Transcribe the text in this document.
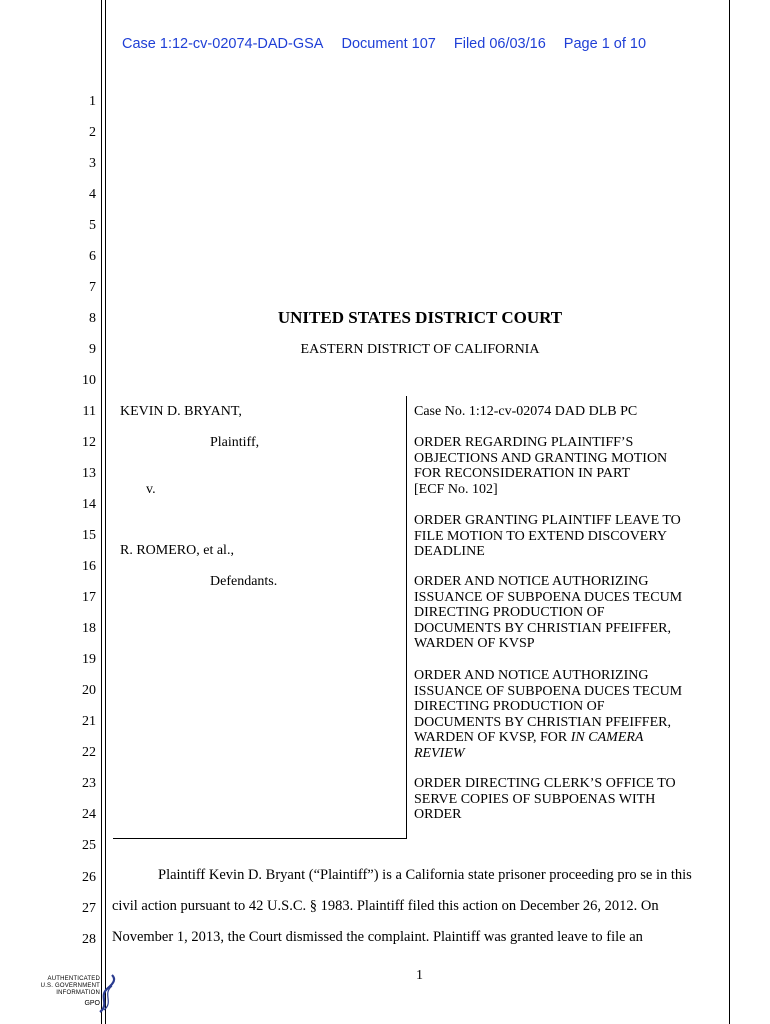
Case 1:12-cv-02074-DAD-GSA Document 107 Filed 06/03/16 Page 1 of 10
1
2
3
4
5
6
7
8
9
10
11
12
13
14
15
16
17
18
19
20
21
22
23
24
25
26
27
28
UNITED STATES DISTRICT COURT
EASTERN DISTRICT OF CALIFORNIA
KEVIN D. BRYANT,
Plaintiff,
v.
R. ROMERO, et al.,
Defendants.
Case No. 1:12-cv-02074 DAD DLB PC
ORDER REGARDING PLAINTIFF’S
OBJECTIONS AND GRANTING MOTION
FOR RECONSIDERATION IN PART
[ECF No. 102]
ORDER GRANTING PLAINTIFF LEAVE TO
FILE MOTION TO EXTEND DISCOVERY
DEADLINE
ORDER AND NOTICE AUTHORIZING
ISSUANCE OF SUBPOENA DUCES TECUM
DIRECTING PRODUCTION OF
DOCUMENTS BY CHRISTIAN PFEIFFER,
WARDEN OF KVSP
ORDER AND NOTICE AUTHORIZING
ISSUANCE OF SUBPOENA DUCES TECUM
DIRECTING PRODUCTION OF
DOCUMENTS BY CHRISTIAN PFEIFFER,
WARDEN OF KVSP, FOR IN CAMERA
REVIEW
ORDER DIRECTING CLERK’S OFFICE TO
SERVE COPIES OF SUBPOENAS WITH
ORDER
Plaintiff Kevin D. Bryant (“Plaintiff”) is a California state prisoner proceeding pro se in this
civil action pursuant to 42 U.S.C. § 1983. Plaintiff filed this action on December 26, 2012. On
November 1, 2013, the Court dismissed the complaint. Plaintiff was granted leave to file an
1
AUTHENTICATED
U.S. GOVERNMENT
INFORMATION
GPO
